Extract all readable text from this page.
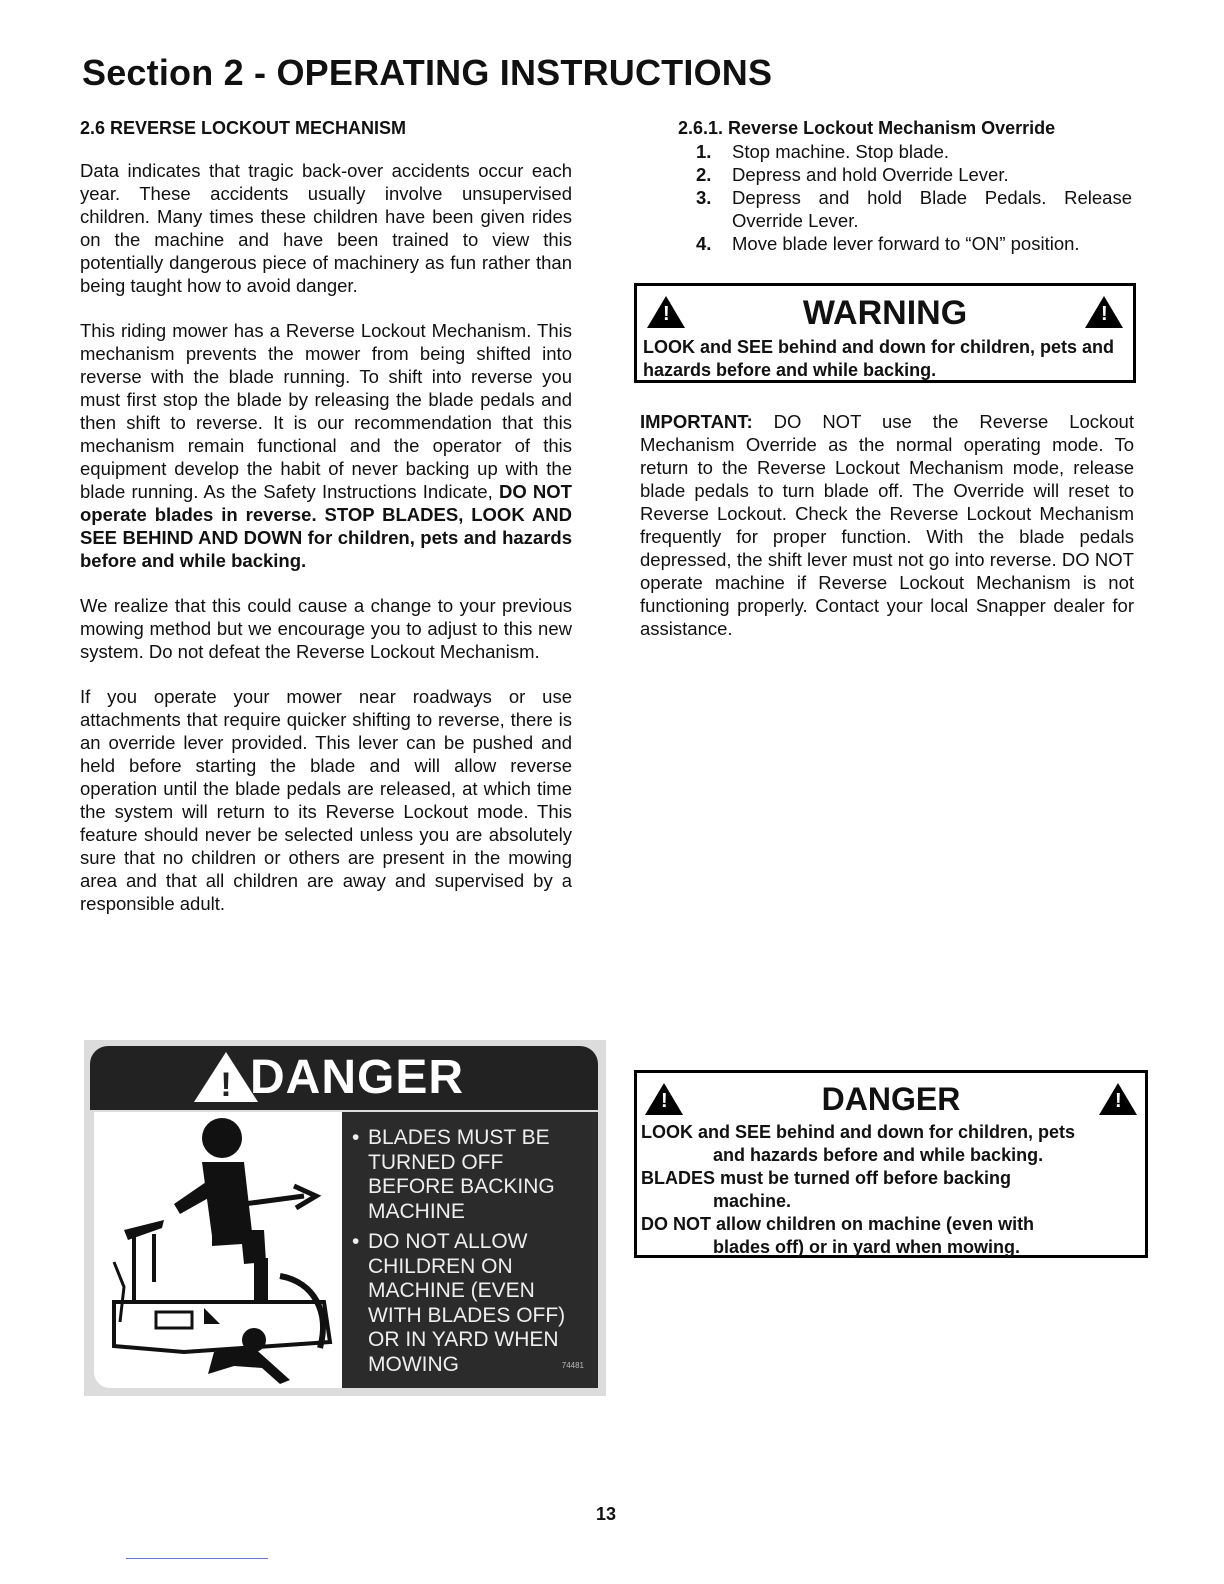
Section 2 - OPERATING INSTRUCTIONS
2.6 REVERSE LOCKOUT MECHANISM

Data indicates that tragic back-over accidents occur each year. These accidents usually involve unsupervised children. Many times these children have been given rides on the machine and have been trained to view this potentially dangerous piece of machinery as fun rather than being taught how to avoid danger.

This riding mower has a Reverse Lockout Mechanism. This mechanism prevents the mower from being shifted into reverse with the blade running. To shift into reverse you must first stop the blade by releasing the blade pedals and then shift to reverse. It is our recommendation that this mechanism remain functional and the operator of this equipment develop the habit of never backing up with the blade running. As the Safety Instructions Indicate, DO NOT operate blades in reverse. STOP BLADES, LOOK AND SEE BEHIND AND DOWN for children, pets and hazards before and while backing.

We realize that this could cause a change to your previous mowing method but we encourage you to adjust to this new system. Do not defeat the Reverse Lockout Mechanism.

If you operate your mower near roadways or use attachments that require quicker shifting to reverse, there is an override lever provided. This lever can be pushed and held before starting the blade and will allow reverse operation until the blade pedals are released, at which time the system will return to its Reverse Lockout mode. This feature should never be selected unless you are absolutely sure that no children or others are present in the mowing area and that all children are away and supervised by a responsible adult.

2.6.1. Reverse Lockout Mechanism Override
1.	Stop machine. Stop blade.
2.	Depress and hold Override Lever.
3.	Depress and hold Blade Pedals. Release Override Lever.
4.	Move blade lever forward to “ON” position.
!
WARNING
!
LOOK and SEE behind and down for children, pets and hazards before and while backing.

IMPORTANT: DO NOT use the Reverse Lockout Mechanism Override as the normal operating mode. To return to the Reverse Lockout Mechanism mode, release blade pedals to turn blade off. The Override will reset to Reverse Lockout. Check the Reverse Lockout Mechanism frequently for proper function. With the blade pedals depressed, the shift lever must not go into reverse. DO NOT operate machine if Reverse Lockout Mechanism is not functioning properly. Contact your local Snapper dealer for assistance.

! DANGER
• BLADES MUST BE TURNED OFF BEFORE BACKING MACHINE
• DO NOT ALLOW CHILDREN ON MACHINE (EVEN WITH BLADES OFF) OR IN YARD WHEN MOWING	74481
!
DANGER
!
LOOK and SEE behind and down for children, pets
and hazards before and while backing.
BLADES must be turned off before backing
machine.
DO NOT allow children on machine (even with
blades off) or in yard when mowing.

13
